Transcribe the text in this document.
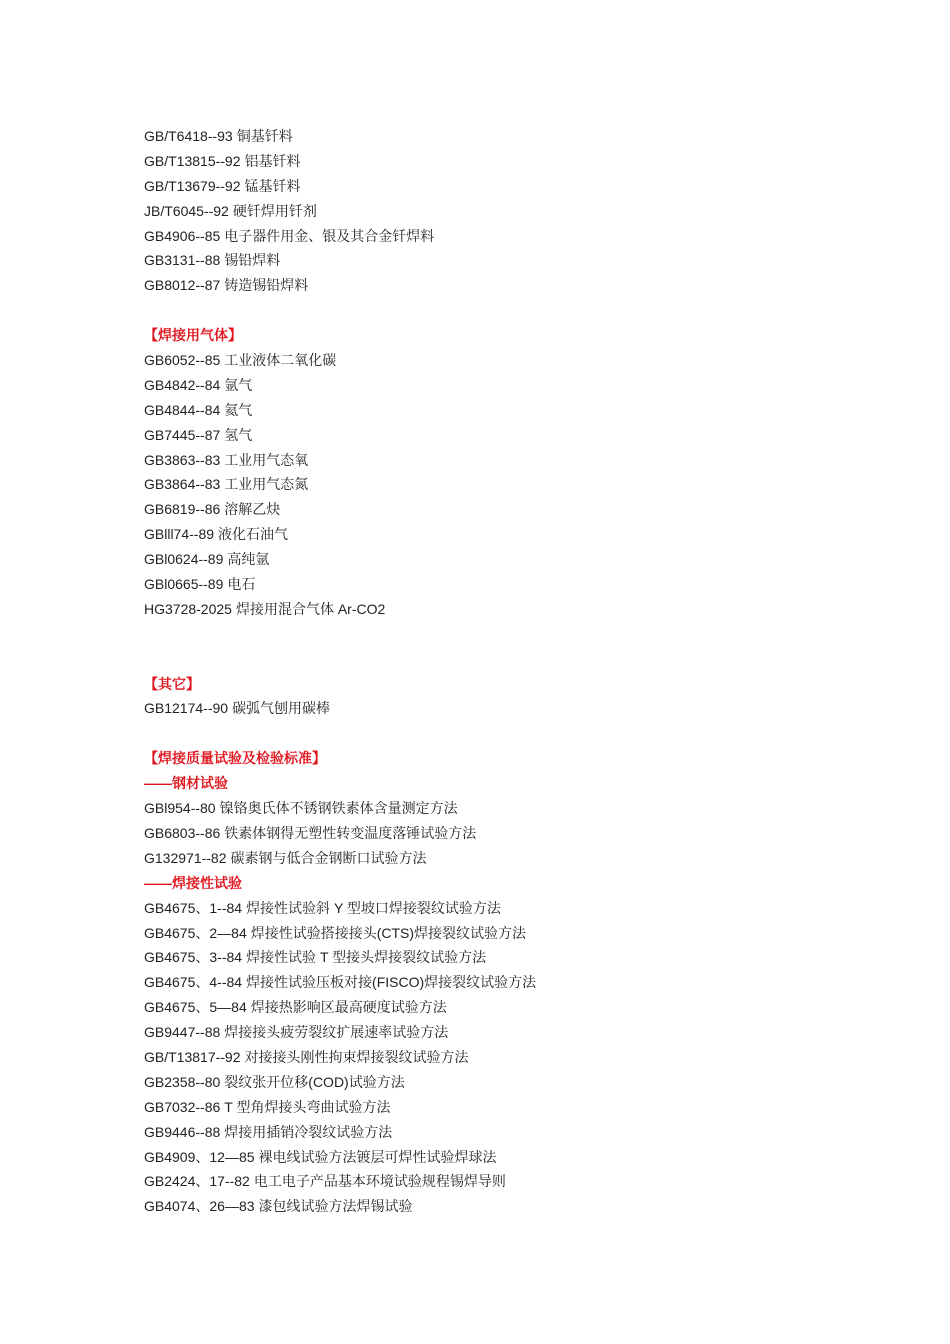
GB/T6418--93 铜基钎料
GB/T13815--92 铝基钎料
GB/T13679--92 锰基钎料
JB/T6045--92 硬钎焊用钎剂
GB4906--85 电子器件用金、银及其合金钎焊料
GB3131--88 锡铅焊料
GB8012--87 铸造锡铅焊料
【焊接用气体】
GB6052--85 工业液体二氧化碳
GB4842--84 氩气
GB4844--84 氦气
GB7445--87 氢气
GB3863--83 工业用气态氧
GB3864--83 工业用气态氮
GB6819--86 溶解乙炔
GBlll74--89 液化石油气
GBl0624--89 高纯氩
GBl0665--89 电石
HG3728-2025 焊接用混合气体 Ar-CO2
【其它】
GB12174--90 碳弧气刨用碳棒
【焊接质量试验及检验标准】
——钢材试验
GBl954--80 镍铬奥氏体不锈钢铁素体含量测定方法
GB6803--86 铁素体钢得无塑性转变温度落锤试验方法
G132971--82 碳素钢与低合金钢断口试验方法
——焊接性试验
GB4675、1--84 焊接性试验斜 Y 型坡口焊接裂纹试验方法
GB4675、2—84 焊接性试验搭接接头(CTS)焊接裂纹试验方法
GB4675、3--84 焊接性试验 T 型接头焊接裂纹试验方法
GB4675、4--84 焊接性试验压板对接(FISCO)焊接裂纹试验方法
GB4675、5—84 焊接热影响区最高硬度试验方法
GB9447--88 焊接接头疲劳裂纹扩展速率试验方法
GB/T13817--92 对接接头刚性拘束焊接裂纹试验方法
GB2358--80 裂纹张开位移(COD)试验方法
GB7032--86 T 型角焊接头弯曲试验方法
GB9446--88 焊接用插销冷裂纹试验方法
GB4909、12—85 裸电线试验方法镀层可焊性试验焊球法
GB2424、17--82 电工电子产品基本环境试验规程锡焊导则
GB4074、26—83 漆包线试验方法焊锡试验
